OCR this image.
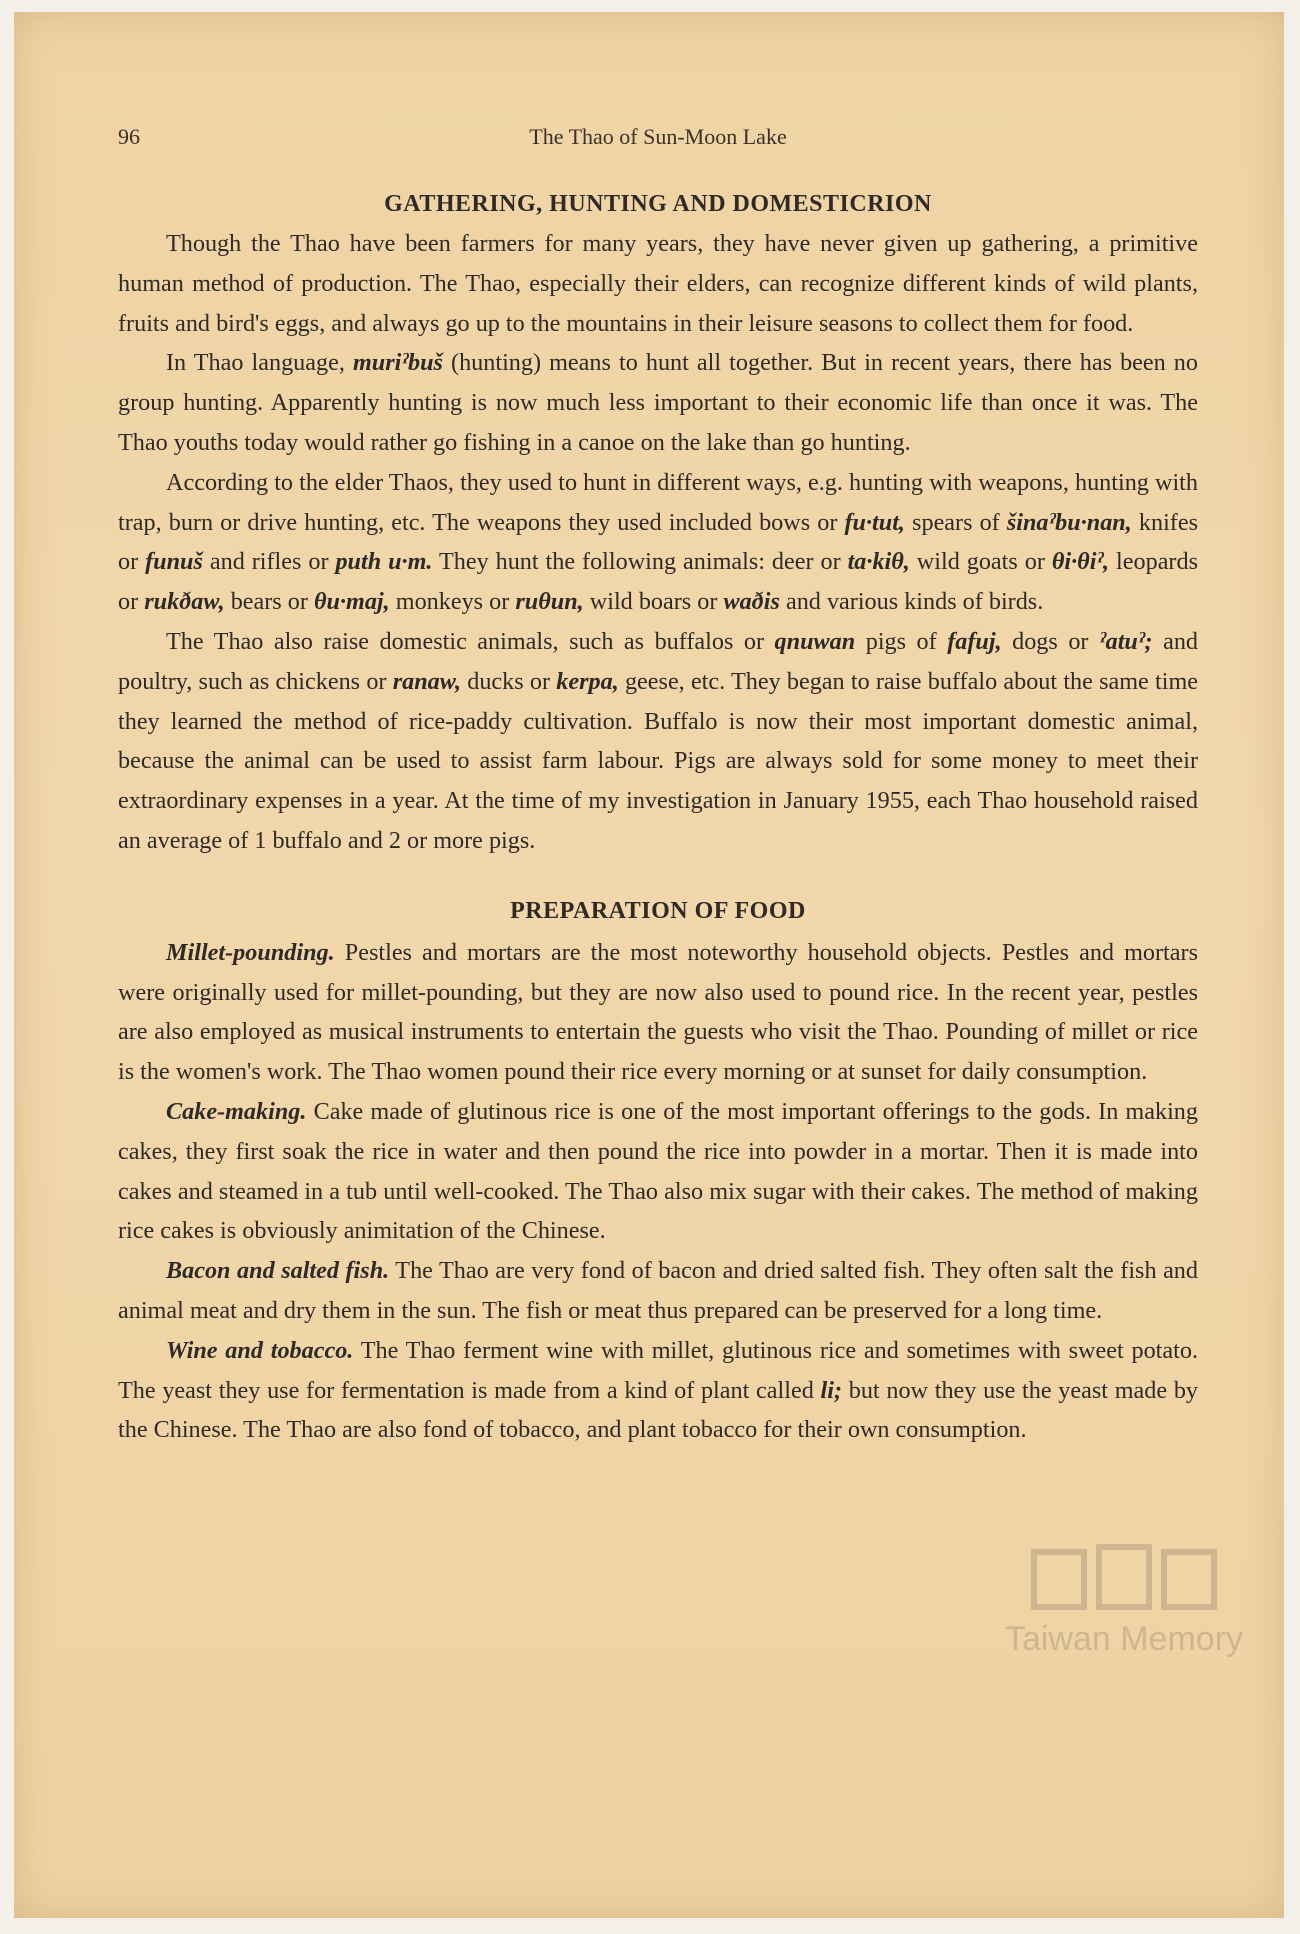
96	The Thao of Sun-Moon Lake
GATHERING, HUNTING AND DOMESTICRION

Though the Thao have been farmers for many years, they have never given up gathering, a primitive human method of production. The Thao, especially their elders, can recognize different kinds of wild plants, fruits and bird's eggs, and always go up to the mountains in their leisure seasons to collect them for food.

In Thao language, muriˀbuš (hunting) means to hunt all together. But in recent years, there has been no group hunting. Apparently hunting is now much less important to their economic life than once it was. The Thao youths today would rather go fishing in a canoe on the lake than go hunting.

According to the elder Thaos, they used to hunt in different ways, e.g. hunting with weapons, hunting with trap, burn or drive hunting, etc. The weapons they used included bows or fu·tut, spears of šinaˀbu·nan, knifes or funuš and rifles or puth u·m. They hunt the following animals: deer or ta·kiθ, wild goats or θi·θiˀ, leopards or rukðaw, bears or θu·maj, monkeys or ruθun, wild boars or waðis and various kinds of birds.

The Thao also raise domestic animals, such as buffalos or qnuwan pigs of fafuj, dogs or ˀatuˀ; and poultry, such as chickens or ranaw, ducks or kerpa, geese, etc. They began to raise buffalo about the same time they learned the method of rice-paddy cultivation. Buffalo is now their most important domestic animal, because the animal can be used to assist farm labour. Pigs are always sold for some money to meet their extraordinary expenses in a year. At the time of my investigation in January 1955, each Thao household raised an average of 1 buffalo and 2 or more pigs.

PREPARATION OF FOOD

Millet-pounding. Pestles and mortars are the most noteworthy household objects. Pestles and mortars were originally used for millet-pounding, but they are now also used to pound rice. In the recent year, pestles are also employed as musical instruments to entertain the guests who visit the Thao. Pounding of millet or rice is the women's work. The Thao women pound their rice every morning or at sunset for daily consumption.

Cake-making. Cake made of glutinous rice is one of the most important offerings to the gods. In making cakes, they first soak the rice in water and then pound the rice into powder in a mortar. Then it is made into cakes and steamed in a tub until well-cooked. The Thao also mix sugar with their cakes. The method of making rice cakes is obviously animitation of the Chinese.

Bacon and salted fish. The Thao are very fond of bacon and dried salted fish. They often salt the fish and animal meat and dry them in the sun. The fish or meat thus prepared can be preserved for a long time.

Wine and tobacco. The Thao ferment wine with millet, glutinous rice and sometimes with sweet potato. The yeast they use for fermentation is made from a kind of plant called li; but now they use the yeast made by the Chinese. The Thao are also fond of tobacco, and plant tobacco for their own consumption.

Taiwan Memory
